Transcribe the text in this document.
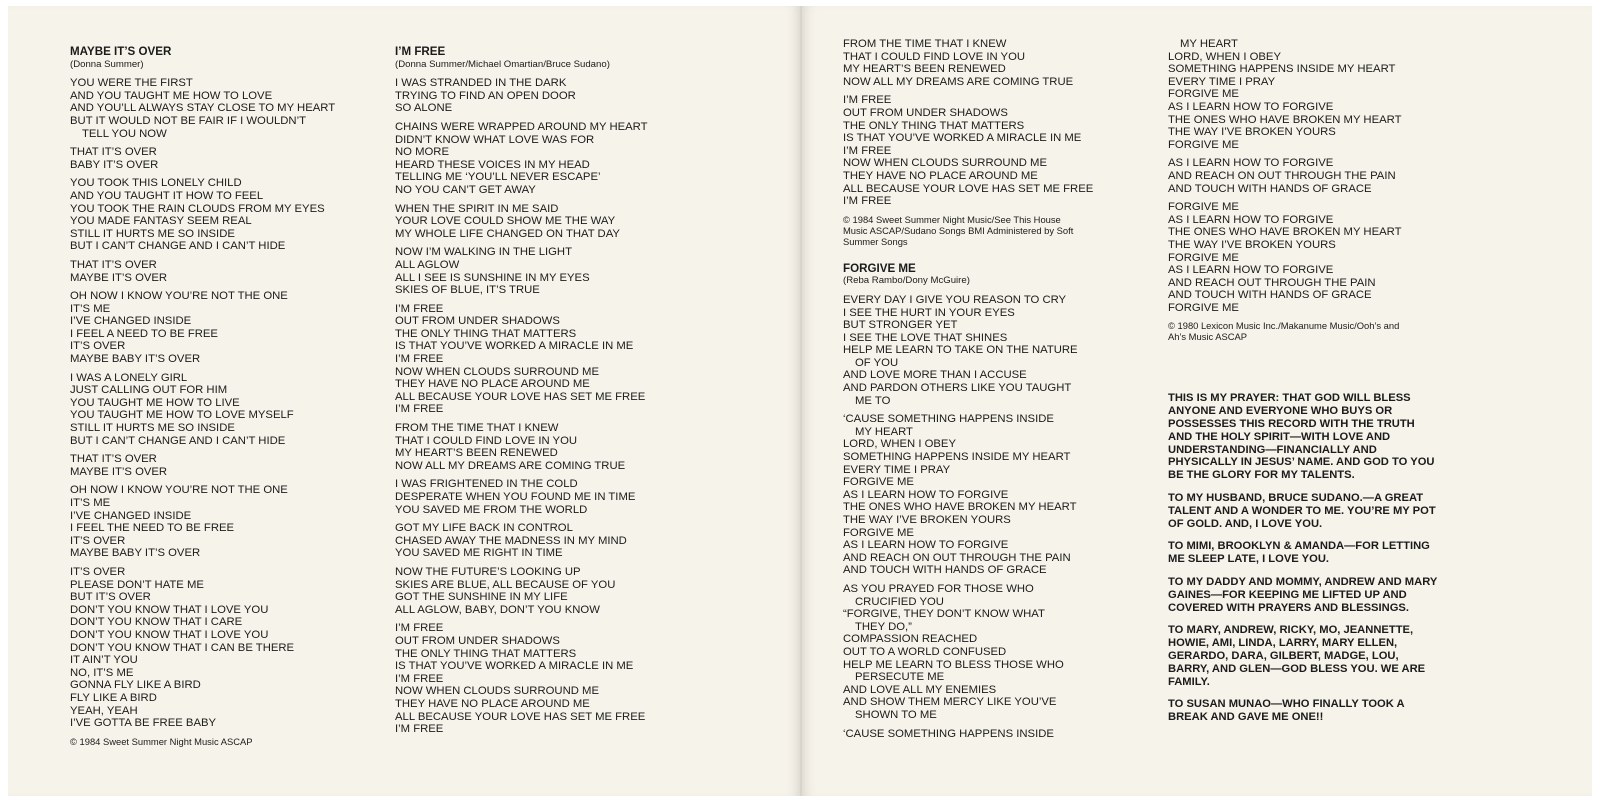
MAYBE IT’S OVER

(Donna Summer)

YOU WERE THE FIRST

AND YOU TAUGHT ME HOW TO LOVE

AND YOU’LL ALWAYS STAY CLOSE TO MY HEART

BUT IT WOULD NOT BE FAIR IF I WOULDN’T

TELL YOU NOW

THAT IT’S OVER

BABY IT’S OVER

YOU TOOK THIS LONELY CHILD

AND YOU TAUGHT IT HOW TO FEEL

YOU TOOK THE RAIN CLOUDS FROM MY EYES

YOU MADE FANTASY SEEM REAL

STILL IT HURTS ME SO INSIDE

BUT I CAN’T CHANGE AND I CAN’T HIDE

THAT IT’S OVER

MAYBE IT’S OVER

OH NOW I KNOW YOU’RE NOT THE ONE

IT’S ME

I’VE CHANGED INSIDE

I FEEL A NEED TO BE FREE

IT’S OVER

MAYBE BABY IT’S OVER

I WAS A LONELY GIRL

JUST CALLING OUT FOR HIM

YOU TAUGHT ME HOW TO LIVE

YOU TAUGHT ME HOW TO LOVE MYSELF

STILL IT HURTS ME SO INSIDE

BUT I CAN’T CHANGE AND I CAN’T HIDE

THAT IT’S OVER

MAYBE IT’S OVER

OH NOW I KNOW YOU’RE NOT THE ONE

IT’S ME

I’VE CHANGED INSIDE

I FEEL THE NEED TO BE FREE

IT’S OVER

MAYBE BABY IT’S OVER

IT’S OVER

PLEASE DON’T HATE ME

BUT IT’S OVER

DON’T YOU KNOW THAT I LOVE YOU

DON’T YOU KNOW THAT I CARE

DON’T YOU KNOW THAT I LOVE YOU

DON’T YOU KNOW THAT I CAN BE THERE

IT AIN’T YOU

NO, IT’S ME

GONNA FLY LIKE A BIRD

FLY LIKE A BIRD

YEAH, YEAH

I’VE GOTTA BE FREE BABY

© 1984 Sweet Summer Night Music ASCAP

I’M FREE

(Donna Summer/Michael Omartian/Bruce Sudano)

I WAS STRANDED IN THE DARK

TRYING TO FIND AN OPEN DOOR

SO ALONE

CHAINS WERE WRAPPED AROUND MY HEART

DIDN’T KNOW WHAT LOVE WAS FOR

NO MORE

HEARD THESE VOICES IN MY HEAD

TELLING ME ‘YOU’LL NEVER ESCAPE’

NO YOU CAN’T GET AWAY

WHEN THE SPIRIT IN ME SAID

YOUR LOVE COULD SHOW ME THE WAY

MY WHOLE LIFE CHANGED ON THAT DAY

NOW I’M WALKING IN THE LIGHT

ALL AGLOW

ALL I SEE IS SUNSHINE IN MY EYES

SKIES OF BLUE, IT’S TRUE

I’M FREE

OUT FROM UNDER SHADOWS

THE ONLY THING THAT MATTERS

IS THAT YOU’VE WORKED A MIRACLE IN ME

I’M FREE

NOW WHEN CLOUDS SURROUND ME

THEY HAVE NO PLACE AROUND ME

ALL BECAUSE YOUR LOVE HAS SET ME FREE

I’M FREE

FROM THE TIME THAT I KNEW

THAT I COULD FIND LOVE IN YOU

MY HEART’S BEEN RENEWED

NOW ALL MY DREAMS ARE COMING TRUE

I WAS FRIGHTENED IN THE COLD

DESPERATE WHEN YOU FOUND ME IN TIME

YOU SAVED ME FROM THE WORLD

GOT MY LIFE BACK IN CONTROL

CHASED AWAY THE MADNESS IN MY MIND

YOU SAVED ME RIGHT IN TIME

NOW THE FUTURE’S LOOKING UP

SKIES ARE BLUE, ALL BECAUSE OF YOU

GOT THE SUNSHINE IN MY LIFE

ALL AGLOW, BABY, DON’T YOU KNOW

I’M FREE

OUT FROM UNDER SHADOWS

THE ONLY THING THAT MATTERS

IS THAT YOU’VE WORKED A MIRACLE IN ME

I’M FREE

NOW WHEN CLOUDS SURROUND ME

THEY HAVE NO PLACE AROUND ME

ALL BECAUSE YOUR LOVE HAS SET ME FREE

I’M FREE

FROM THE TIME THAT I KNEW

THAT I COULD FIND LOVE IN YOU

MY HEART’S BEEN RENEWED

NOW ALL MY DREAMS ARE COMING TRUE

I’M FREE

OUT FROM UNDER SHADOWS

THE ONLY THING THAT MATTERS

IS THAT YOU’VE WORKED A MIRACLE IN ME

I’M FREE

NOW WHEN CLOUDS SURROUND ME

THEY HAVE NO PLACE AROUND ME

ALL BECAUSE YOUR LOVE HAS SET ME FREE

I’M FREE

© 1984 Sweet Summer Night Music/See This House

Music ASCAP/Sudano Songs BMI Administered by Soft

Summer Songs

FORGIVE ME

(Reba Rambo/Dony McGuire)

EVERY DAY I GIVE YOU REASON TO CRY

I SEE THE HURT IN YOUR EYES

BUT STRONGER YET

I SEE THE LOVE THAT SHINES

HELP ME LEARN TO TAKE ON THE NATURE

OF YOU

AND LOVE MORE THAN I ACCUSE

AND PARDON OTHERS LIKE YOU TAUGHT

ME TO

‘CAUSE SOMETHING HAPPENS INSIDE

MY HEART

LORD, WHEN I OBEY

SOMETHING HAPPENS INSIDE MY HEART

EVERY TIME I PRAY

FORGIVE ME

AS I LEARN HOW TO FORGIVE

THE ONES WHO HAVE BROKEN MY HEART

THE WAY I’VE BROKEN YOURS

FORGIVE ME

AS I LEARN HOW TO FORGIVE

AND REACH ON OUT THROUGH THE PAIN

AND TOUCH WITH HANDS OF GRACE

AS YOU PRAYED FOR THOSE WHO

CRUCIFIED YOU

“FORGIVE, THEY DON’T KNOW WHAT

THEY DO,”

COMPASSION REACHED

OUT TO A WORLD CONFUSED

HELP ME LEARN TO BLESS THOSE WHO

PERSECUTE ME

AND LOVE ALL MY ENEMIES

AND SHOW THEM MERCY LIKE YOU’VE

SHOWN TO ME

‘CAUSE SOMETHING HAPPENS INSIDE

MY HEART

LORD, WHEN I OBEY

SOMETHING HAPPENS INSIDE MY HEART

EVERY TIME I PRAY

FORGIVE ME

AS I LEARN HOW TO FORGIVE

THE ONES WHO HAVE BROKEN MY HEART

THE WAY I’VE BROKEN YOURS

FORGIVE ME

AS I LEARN HOW TO FORGIVE

AND REACH ON OUT THROUGH THE PAIN

AND TOUCH WITH HANDS OF GRACE

FORGIVE ME

AS I LEARN HOW TO FORGIVE

THE ONES WHO HAVE BROKEN MY HEART

THE WAY I’VE BROKEN YOURS

FORGIVE ME

AS I LEARN HOW TO FORGIVE

AND REACH OUT THROUGH THE PAIN

AND TOUCH WITH HANDS OF GRACE

FORGIVE ME

© 1980 Lexicon Music Inc./Makanume Music/Ooh’s and

Ah’s Music ASCAP

THIS IS MY PRAYER: THAT GOD WILL BLESS ANYONE AND EVERYONE WHO BUYS OR POSSESSES THIS RECORD WITH THE TRUTH AND THE HOLY SPIRIT—WITH LOVE AND UNDERSTANDING—FINANCIALLY AND PHYSICALLY IN JESUS’ NAME. AND GOD TO YOU BE THE GLORY FOR MY TALENTS.

TO MY HUSBAND, BRUCE SUDANO.—A GREAT TALENT AND A WONDER TO ME. YOU’RE MY POT OF GOLD. AND, I LOVE YOU.

TO MIMI, BROOKLYN & AMANDA—FOR LETTING ME SLEEP LATE, I LOVE YOU.

TO MY DADDY AND MOMMY, ANDREW AND MARY GAINES—FOR KEEPING ME LIFTED UP AND COVERED WITH PRAYERS AND BLESSINGS.

TO MARY, ANDREW, RICKY, MO, JEANNETTE, HOWIE, AMI, LINDA, LARRY, MARY ELLEN, GERARDO, DARA, GILBERT, MADGE, LOU, BARRY, AND GLEN—GOD BLESS YOU. WE ARE FAMILY.

TO SUSAN MUNAO—WHO FINALLY TOOK A BREAK AND GAVE ME ONE!!
